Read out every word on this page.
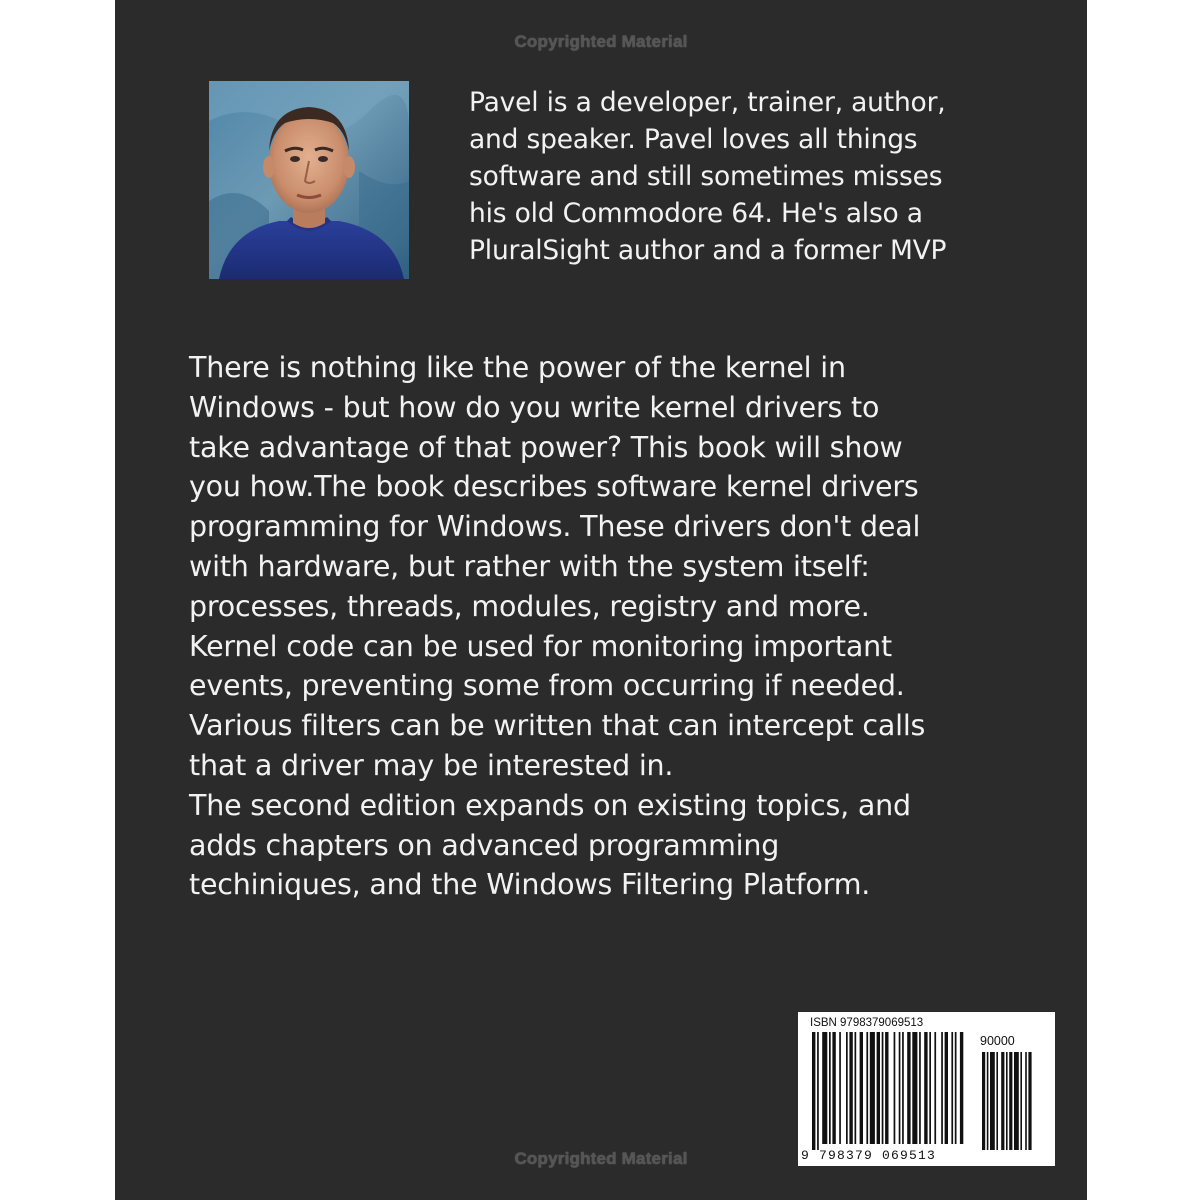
Copyrighted Material
Pavel is a developer, trainer, author,
and speaker. Pavel loves all things
software and still sometimes misses
his old Commodore 64. He's also a
PluralSight author and a former MVP

There is nothing like the power of the kernel in

Windows - but how do you write kernel drivers to

take advantage of that power? This book will show

you how.The book describes software kernel drivers

programming for Windows. These drivers don't deal

with hardware, but rather with the system itself:

processes, threads, modules, registry and more.

Kernel code can be used for monitoring important

events, preventing some from occurring if needed.

Various filters can be written that can intercept calls

that a driver may be interested in.

The second edition expands on existing topics, and

adds chapters on advanced programming

techiniques, and the Windows Filtering Platform.

ISBN 9798379069513
90000
9 798379 069513
Copyrighted Material
